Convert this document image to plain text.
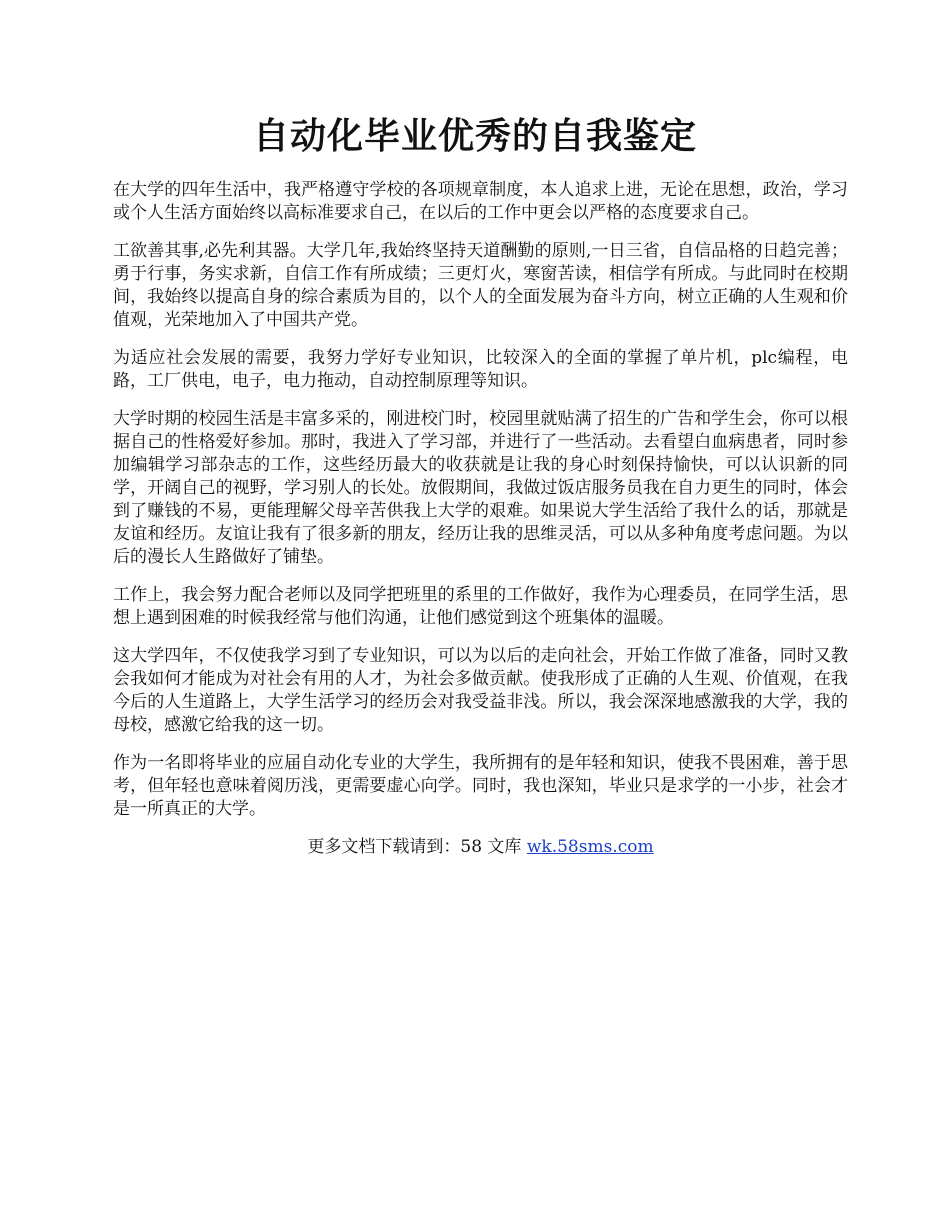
自动化毕业优秀的自我鉴定

在大学的四年生活中，我严格遵守学校的各项规章制度，本人追求上进，无论在思想，政治，学习或个人生活方面始终以高标准要求自己，在以后的工作中更会以严格的态度要求自己。

工欲善其事,必先利其器。大学几年,我始终坚持天道酬勤的原则,一日三省，自信品格的日趋完善；勇于行事，务实求新，自信工作有所成绩；三更灯火，寒窗苦读，相信学有所成。与此同时在校期间，我始终以提高自身的综合素质为目的，以个人的全面发展为奋斗方向，树立正确的人生观和价值观，光荣地加入了中国共产党。

为适应社会发展的需要，我努力学好专业知识，比较深入的全面的掌握了单片机，plc编程，电路，工厂供电，电子，电力拖动，自动控制原理等知识。

大学时期的校园生活是丰富多采的，刚进校门时，校园里就贴满了招生的广告和学生会，你可以根据自己的性格爱好参加。那时，我进入了学习部，并进行了一些活动。去看望白血病患者，同时参加编辑学习部杂志的工作，这些经历最大的收获就是让我的身心时刻保持愉快，可以认识新的同学，开阔自己的视野，学习别人的长处。放假期间，我做过饭店服务员我在自力更生的同时，体会到了赚钱的不易，更能理解父母辛苦供我上大学的艰难。如果说大学生活给了我什么的话，那就是友谊和经历。友谊让我有了很多新的朋友，经历让我的思维灵活，可以从多种角度考虑问题。为以后的漫长人生路做好了铺垫。

工作上，我会努力配合老师以及同学把班里的系里的工作做好，我作为心理委员，在同学生活，思想上遇到困难的时候我经常与他们沟通，让他们感觉到这个班集体的温暖。

这大学四年，不仅使我学习到了专业知识，可以为以后的走向社会，开始工作做了准备，同时又教会我如何才能成为对社会有用的人才，为社会多做贡献。使我形成了正确的人生观、价值观，在我今后的人生道路上，大学生活学习的经历会对我受益非浅。所以，我会深深地感激我的大学，我的母校，感激它给我的这一切。

作为一名即将毕业的应届自动化专业的大学生，我所拥有的是年轻和知识，使我不畏困难，善于思考，但年轻也意味着阅历浅，更需要虚心向学。同时，我也深知，毕业只是求学的一小步，社会才是一所真正的大学。

更多文档下载请到：58 文库 wk.58sms.com
